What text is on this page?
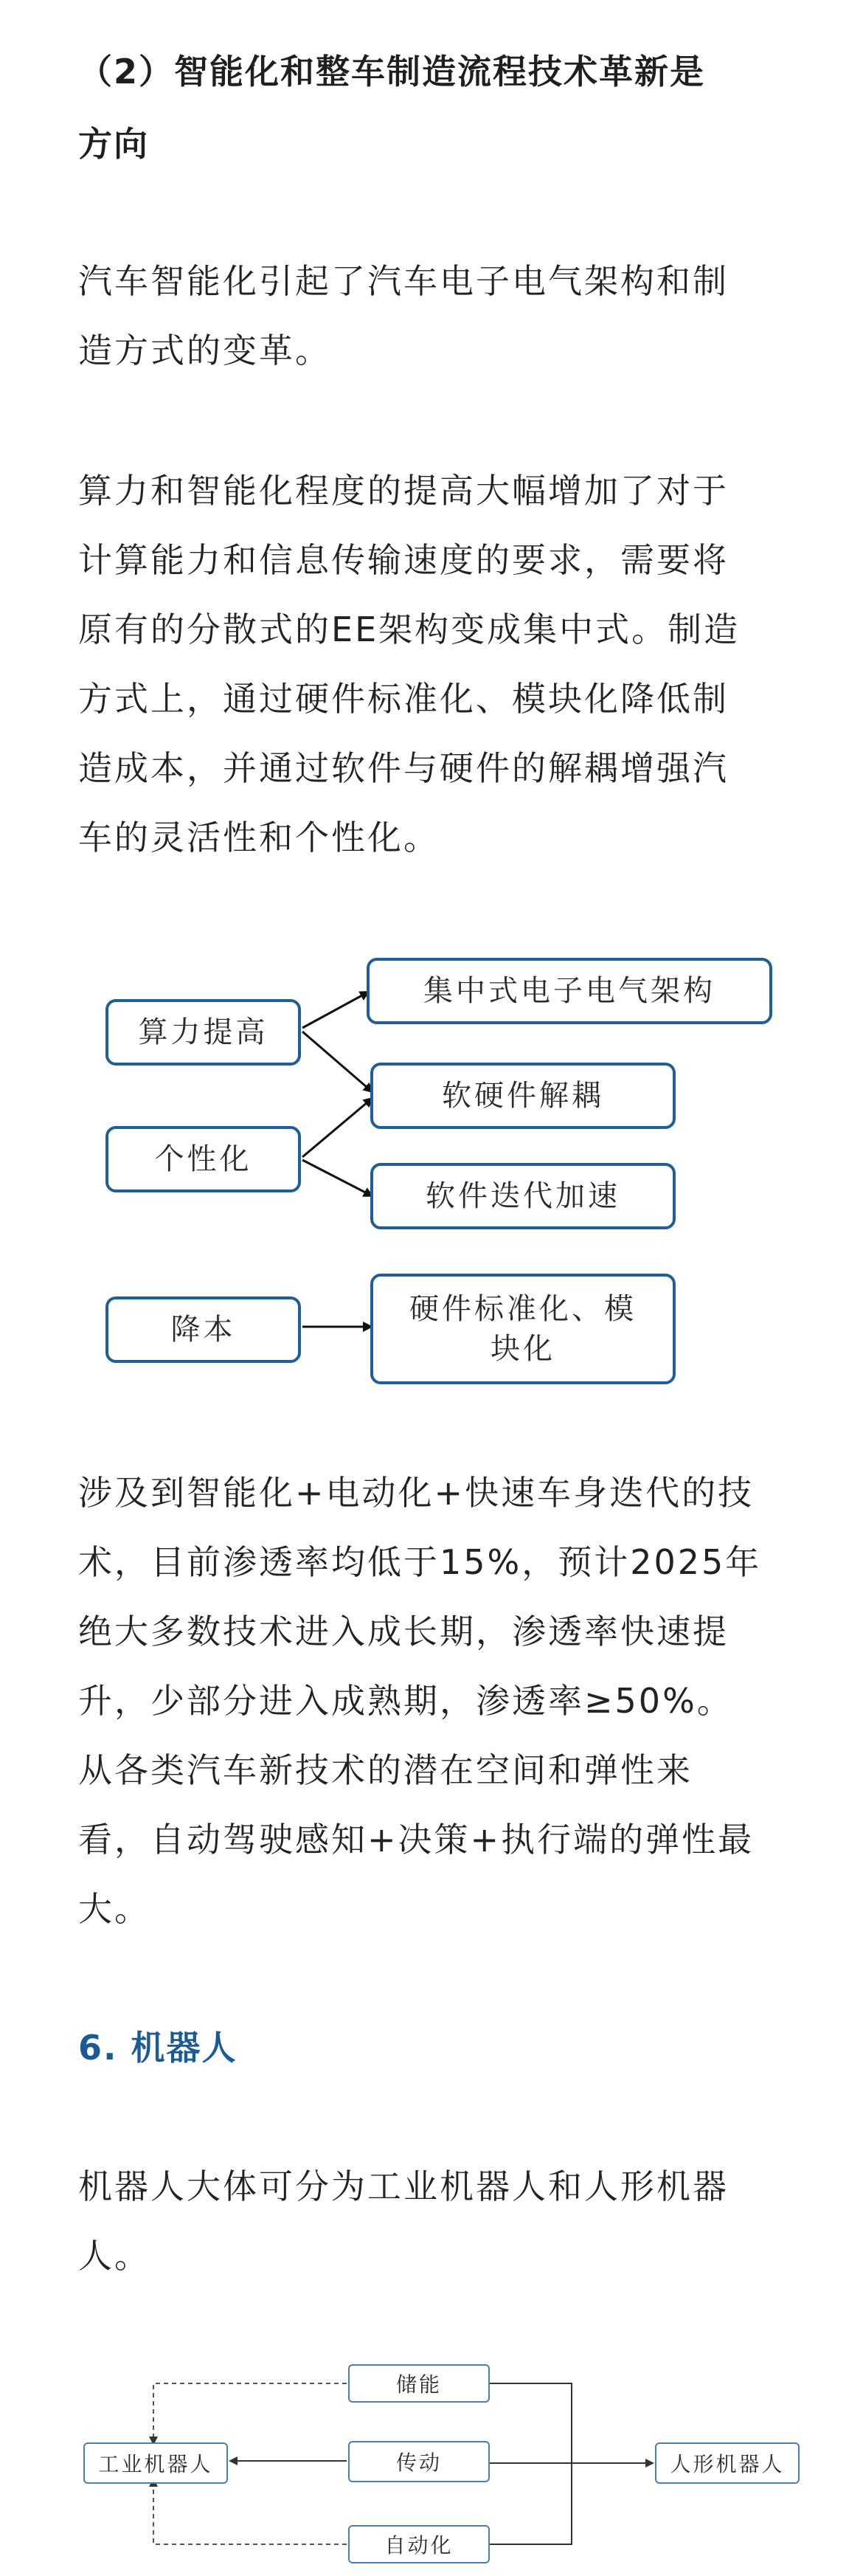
（2）智能化和整车制造流程技术革新是
方向
汽车智能化引起了汽车电子电气架构和制
造方式的变革。
算力和智能化程度的提高大幅增加了对于
计算能力和信息传输速度的要求，需要将
原有的分散式的EE架构变成集中式。制造
方式上，通过硬件标准化、模块化降低制
造成本，并通过软件与硬件的解耦增强汽
车的灵活性和个性化。
算力提高
个性化
降本
集中式电子电气架构
软硬件解耦
软件迭代加速
硬件标准化、模
块化
涉及到智能化+电动化+快速车身迭代的技
术，目前渗透率均低于15%，预计2025年
绝大多数技术进入成长期，渗透率快速提
升，少部分进入成熟期，渗透率≥50%。
从各类汽车新技术的潜在空间和弹性来
看，自动驾驶感知+决策+执行端的弹性最
大。
6. 机器人
机器人大体可分为工业机器人和人形机器
人。
工业机器人
储能
传动
自动化
人形机器人
